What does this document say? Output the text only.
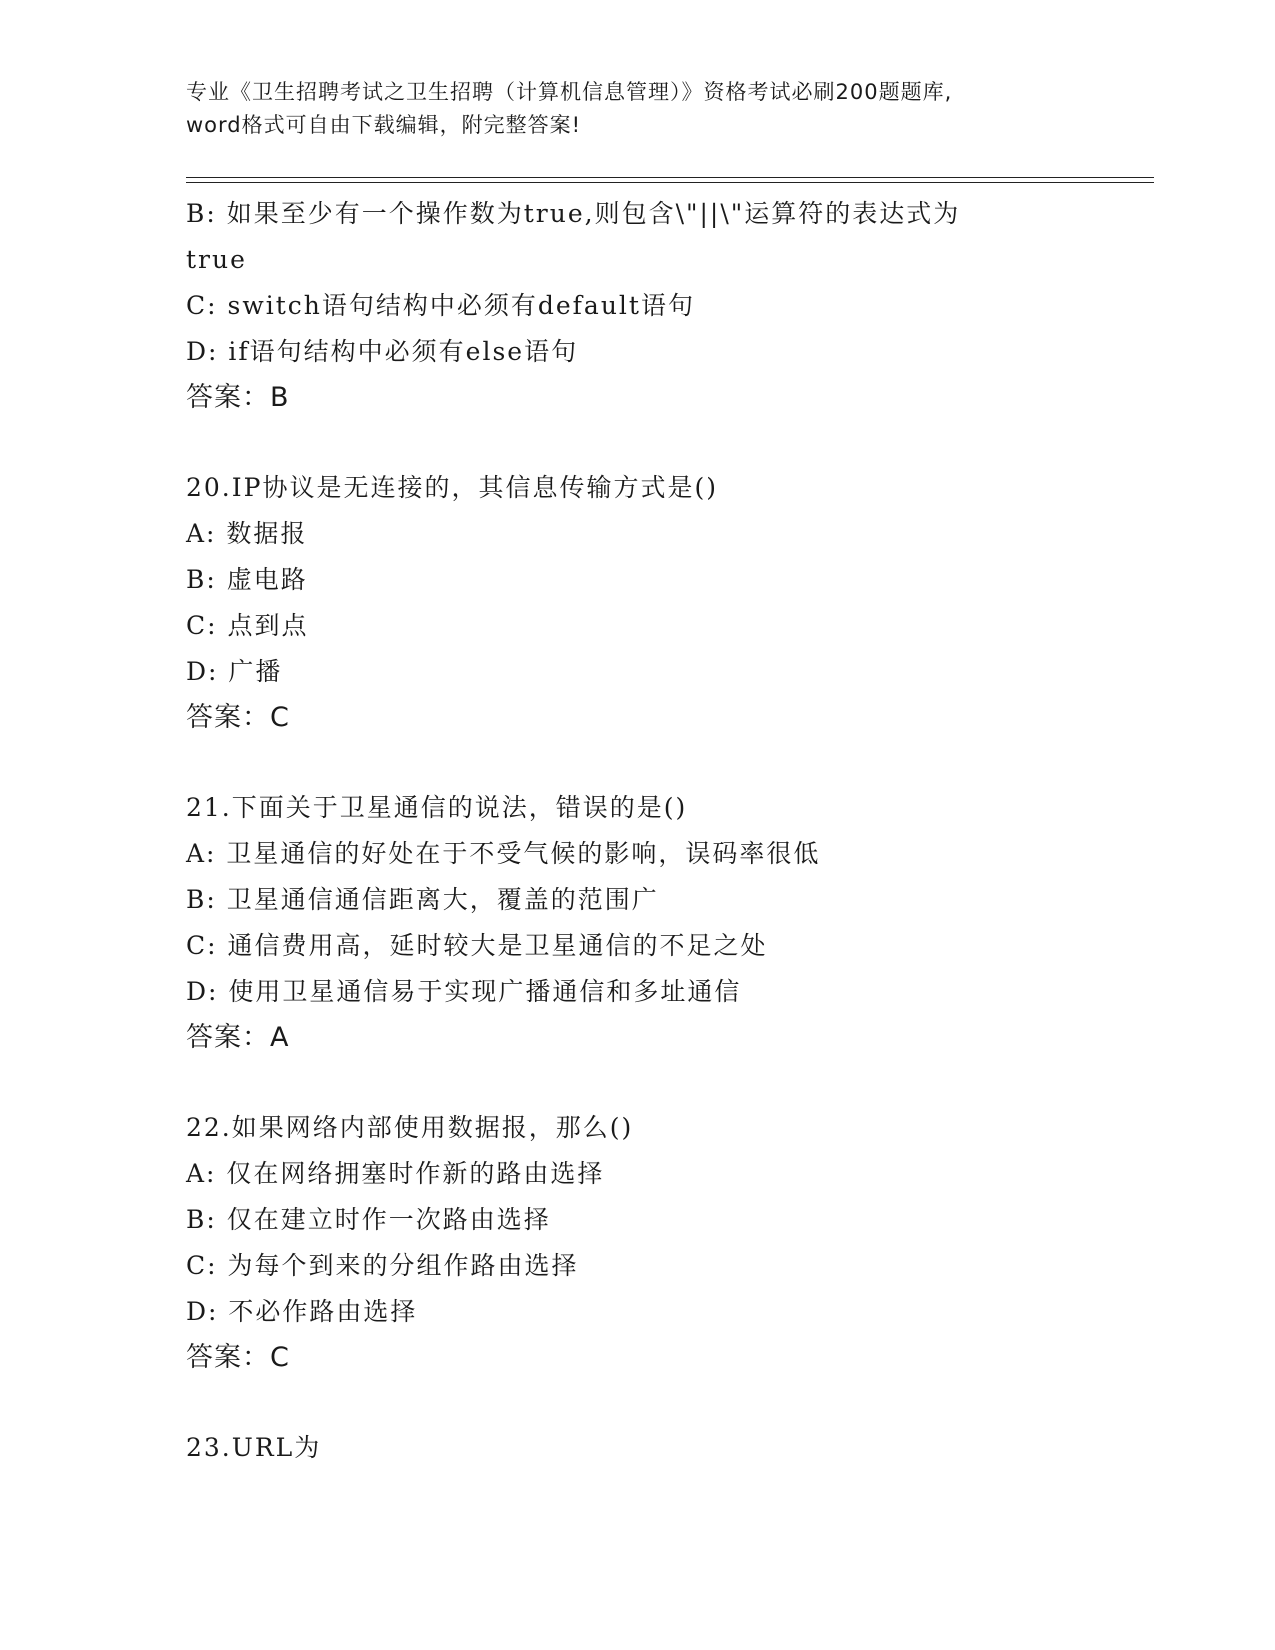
专业《卫生招聘考试之卫生招聘（计算机信息管理）》资格考试必刷200题题库,
word格式可自由下载编辑，附完整答案!
B: 如果至少有一个操作数为true,则包含\"||\"运算符的表达式为
true
C: switch语句结构中必须有default语句
D: if语句结构中必须有else语句
答案：B
20.IP协议是无连接的，其信息传输方式是()
A: 数据报
B: 虚电路
C: 点到点
D: 广播
答案：C
21.下面关于卫星通信的说法，错误的是()
A: 卫星通信的好处在于不受气候的影响，误码率很低
B: 卫星通信通信距离大，覆盖的范围广
C: 通信费用高，延时较大是卫星通信的不足之处
D: 使用卫星通信易于实现广播通信和多址通信
答案：A
22.如果网络内部使用数据报，那么()
A: 仅在网络拥塞时作新的路由选择
B: 仅在建立时作一次路由选择
C: 为每个到来的分组作路由选择
D: 不必作路由选择
答案：C
23.URL为
